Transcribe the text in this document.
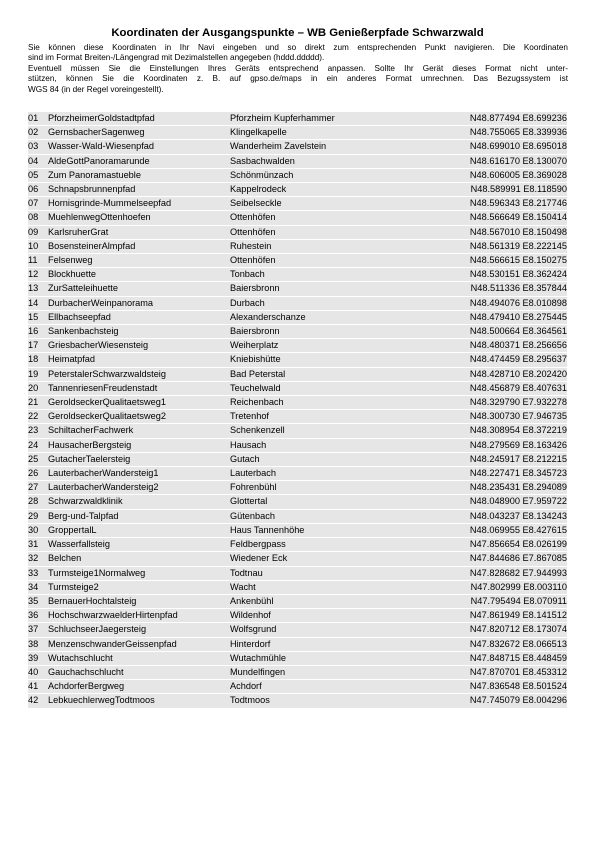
Koordinaten der Ausgangspunkte – WB Genießerpfade Schwarzwald

Sie können diese Koordinaten in Ihr Navi eingeben und so direkt zum entsprechenden Punkt navigieren. Die Koordinaten

sind im Format Breiten-/Längengrad mit Dezimalstellen angegeben (hddd.ddddd).

Eventuell müssen Sie die Einstellungen Ihres Geräts entsprechend anpassen. Sollte Ihr Gerät dieses Format nicht unter-

stützen, können Sie die Koordinaten z. B. auf gpso.de/maps in ein anderes Format umrechnen. Das Bezugssystem ist

WGS 84 (in der Regel voreingestellt).

01	PforzheimerGoldstadtpfad	Pforzheim Kupferhammer	N48.877494 E8.699236
02	GernsbacherSagenweg	Klingelkapelle	N48.755065 E8.339936
03	Wasser-Wald-Wiesenpfad	Wanderheim Zavelstein	N48.699010 E8.695018
04	AldeGottPanoramarunde	Sasbachwalden	N48.616170 E8.130070
05	Zum Panoramastueble	Schönmünzach	N48.606005 E8.369028
06	Schnapsbrunnenpfad	Kappelrodeck	N48.589991 E8.118590
07	Hornisgrinde-Mummelseepfad	Seibelseckle	N48.596343 E8.217746
08	MuehlenwegOttenhoefen	Ottenhöfen	N48.566649 E8.150414
09	KarlsruherGrat	Ottenhöfen	N48.567010 E8.150498
10	BosensteinerAlmpfad	Ruhestein	N48.561319 E8.222145
11	Felsenweg	Ottenhöfen	N48.566615 E8.150275
12	Blockhuette	Tonbach	N48.530151 E8.362424
13	ZurSatteleihuette	Baiersbronn	N48.511336 E8.357844
14	DurbacherWeinpanorama	Durbach	N48.494076 E8.010898
15	Ellbachseepfad	Alexanderschanze	N48.479410 E8.275445
16	Sankenbachsteig	Baiersbronn	N48.500664 E8.364561
17	GriesbacherWiesensteig	Weiherplatz	N48.480371 E8.256656
18	Heimatpfad	Kniebishütte	N48.474459 E8.295637
19	PeterstalerSchwarzwaldsteig	Bad Peterstal	N48.428710 E8.202420
20	TannenriesenFreudenstadt	Teuchelwald	N48.456879 E8.407631
21	GeroldseckerQualitaetsweg1	Reichenbach	N48.329790 E7.932278
22	GeroldseckerQualitaetsweg2	Tretenhof	N48.300730 E7.946735
23	SchiltacherFachwerk	Schenkenzell	N48.308954 E8.372219
24	HausacherBergsteig	Hausach	N48.279569 E8.163426
25	GutacherTaelersteig	Gutach	N48.245917 E8.212215
26	LauterbacherWandersteig1	Lauterbach	N48.227471 E8.345723
27	LauterbacherWandersteig2	Fohrenbühl	N48.235431 E8.294089
28	Schwarzwaldklinik	Glottertal	N48.048900 E7.959722
29	Berg-und-Talpfad	Gütenbach	N48.043237 E8.134243
30	GroppertalL	Haus Tannenhöhe	N48.069955 E8.427615
31	Wasserfallsteig	Feldbergpass	N47.856654 E8.026199
32	Belchen	Wiedener Eck	N47.844686 E7.867085
33	Turmsteige1Normalweg	Todtnau	N47.828682 E7.944993
34	Turmsteige2	Wacht	N47.802999 E8.003110
35	BernauerHochtalsteig	Ankenbühl	N47.795494 E8.070911
36	HochschwarzwaelderHirtenpfad	Wildenhof	N47.861949 E8.141512
37	SchluchseerJaegersteig	Wolfsgrund	N47.820712 E8.173074
38	MenzenschwanderGeissenpfad	Hinterdorf	N47.832672 E8.066513
39	Wutachschlucht	Wutachmühle	N47.848715 E8.448459
40	Gauchachschlucht	Mundelfingen	N47.870701 E8.453312
41	AchdorferBergweg	Achdorf	N47.836548 E8.501524
42	LebkuechlerwegTodtmoos	Todtmoos	N47.745079 E8.004296
